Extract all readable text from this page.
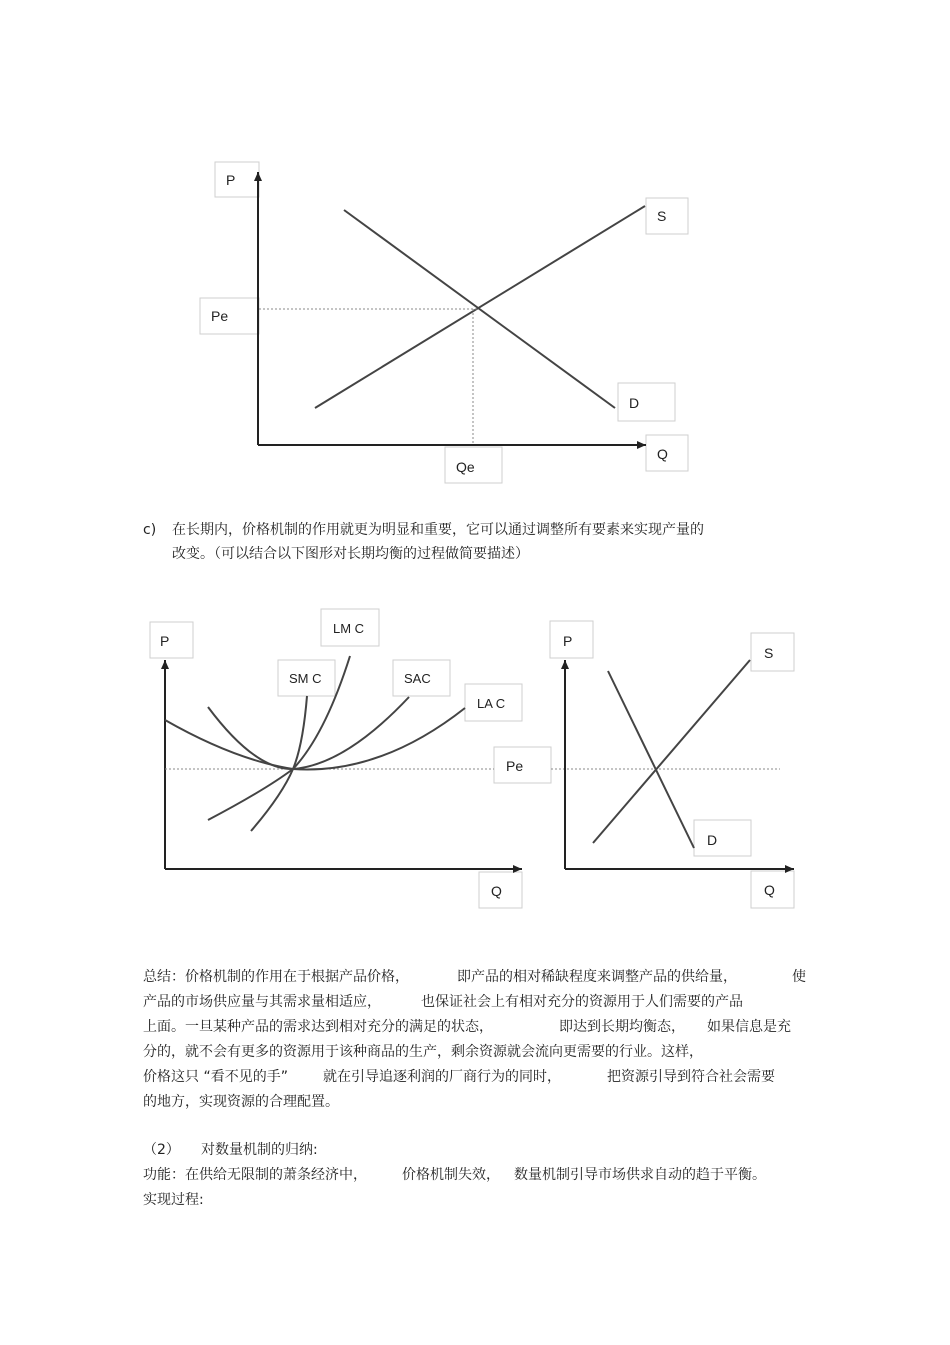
P
Pe
S
D
Q
Qe
c) 在长期内，价格机制的作用就更为明显和重要，它可以通过调整所有要素来实现产量的
改变。（可以结合以下图形对长期均衡的过程做简要描述）
P
LM C
SM C	SAC
LA C
Pe
Q
P
S
D
Q
总结：价格机制的作用在于根据产品价格，	即产品的相对稀缺程度来调整产品的供给量，	使
产品的市场供应量与其需求量相适应，	也保证社会上有相对充分的资源用于人们需要的产品
上面。一旦某种产品的需求达到相对充分的满足的状态，	即达到长期均衡态， 如果信息是充
分的，就不会有更多的资源用于该种商品的生产，剩余资源就会流向更需要的行业。这样，
价格这只 “看不见的手”	就在引导追逐利润的厂商行为的同时，	把资源引导到符合社会需要
的地方，实现资源的合理配置。
（2） 对数量机制的归纳:
功能：在供给无限制的萧条经济中，	价格机制失效， 数量机制引导市场供求自动的趋于平衡。
实现过程:
